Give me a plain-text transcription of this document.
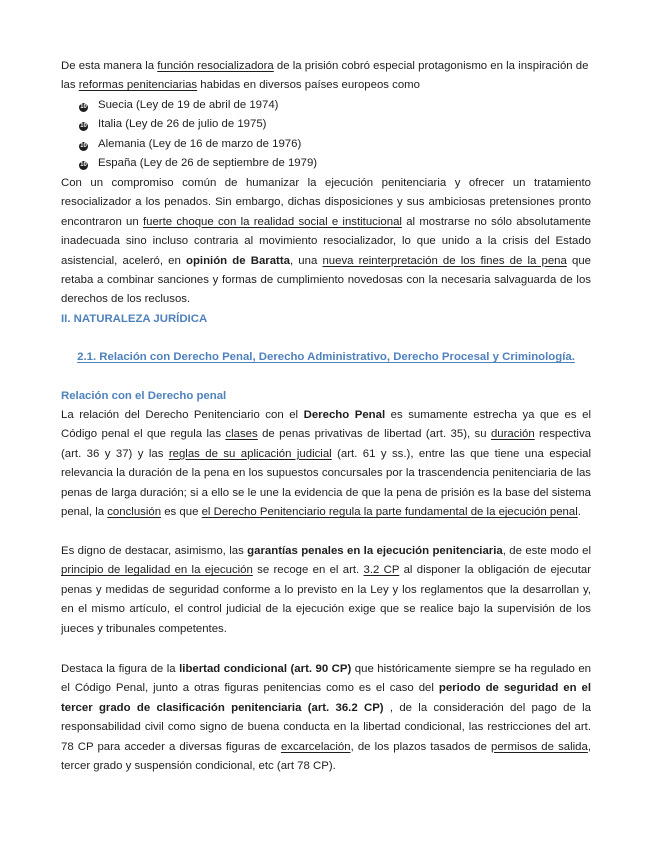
De esta manera la función resocializadora de la prisión cobró especial protagonismo en la inspiración de las reformas penitenciarias habidas en diversos países europeos como

10 Suecia (Ley de 19 de abril de 1974)
10 Italia (Ley de 26 de julio de 1975)
10 Alemania (Ley de 16 de marzo de 1976)
10 España (Ley de 26 de septiembre de 1979)

Con un compromiso común de humanizar la ejecución penitenciaria y ofrecer un tratamiento resocializador a los penados. Sin embargo, dichas disposiciones y sus ambiciosas pretensiones pronto encontraron un fuerte choque con la realidad social e institucional al mostrarse no sólo absolutamente inadecuada sino incluso contraria al movimiento resocializador, lo que unido a la crisis del Estado asistencial, aceleró, en opinión de Baratta, una nueva reinterpretación de los fines de la pena que retaba a combinar sanciones y formas de cumplimiento novedosas con la necesaria salvaguarda de los derechos de los reclusos.

II. NATURALEZA JURÍDICA
2.1. Relación con Derecho Penal, Derecho Administrativo, Derecho Procesal y Criminología.
Relación con el Derecho penal

La relación del Derecho Penitenciario con el Derecho Penal es sumamente estrecha ya que es el Código penal el que regula las clases de penas privativas de libertad (art. 35), su duración respectiva (art. 36 y 37) y las reglas de su aplicación judicial (art. 61 y ss.), entre las que tiene una especial relevancia la duración de la pena en los supuestos concursales por la trascendencia penitenciaria de las penas de larga duración; si a ello se le une la evidencia de que la pena de prisión es la base del sistema penal, la conclusión es que el Derecho Penitenciario regula la parte fundamental de la ejecución penal.

Es digno de destacar, asimismo, las garantías penales en la ejecución penitenciaria, de este modo el principio de legalidad en la ejecución se recoge en el art. 3.2 CP al disponer la obligación de ejecutar penas y medidas de seguridad conforme a lo previsto en la Ley y los reglamentos que la desarrollan y, en el mismo artículo, el control judicial de la ejecución exige que se realice bajo la supervisión de los jueces y tribunales competentes.

Destaca la figura de la libertad condicional (art. 90 CP) que históricamente siempre se ha regulado en el Código Penal, junto a otras figuras penitencias como es el caso del periodo de seguridad en el tercer grado de clasificación penitenciaria (art. 36.2 CP) , de la consideración del pago de la responsabilidad civil como signo de buena conducta en la libertad condicional, las restricciones del art. 78 CP para acceder a diversas figuras de excarcelación, de los plazos tasados de permisos de salida, tercer grado y suspensión condicional, etc (art 78 CP).
